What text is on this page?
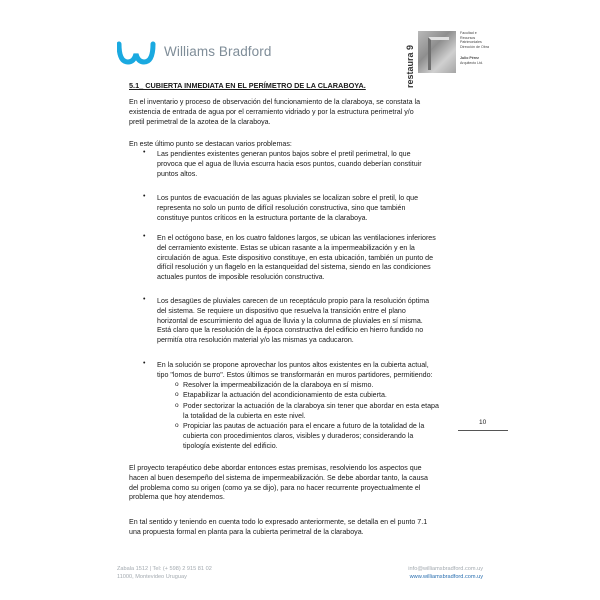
Williams Bradford	restaura 9
Facultad e
Recursos
Patrimoniales
Dirección de Obra
Julio Pérez
Arquitecto Ltd.
5.1_ CUBIERTA INMEDIATA EN EL PERÍMETRO DE LA CLARABOYA.
En el inventario y proceso de observación del funcionamiento de la claraboya, se constata la
existencia de entrada de agua por el cerramiento vidriado y por la estructura perimetral y/o
pretil perimetral de la azotea de la claraboya.
En este último punto se destacan varios problemas:
•	Las pendientes existentes generan puntos bajos sobre el pretil perimetral, lo que
provoca que el agua de lluvia escurra hacia esos puntos, cuando deberían constituir
puntos altos.
•	Los puntos de evacuación de las aguas pluviales se localizan sobre el pretil, lo que
representa no solo un punto de difícil resolución constructiva, sino que también
constituye puntos críticos en la estructura portante de la claraboya.
•	En el octógono base, en los cuatro faldones largos, se ubican las ventilaciones inferiores
del cerramiento existente. Estas se ubican rasante a la impermeabilización y en la
circulación de agua. Este dispositivo constituye, en esta ubicación, también un punto de
difícil resolución y un flagelo en la estanqueidad del sistema, siendo en las condiciones
actuales puntos de imposible resolución constructiva.
•	Los desagües de pluviales carecen de un receptáculo propio para la resolución óptima
del sistema. Se requiere un dispositivo que resuelva la transición entre el plano
horizontal de escurrimiento del agua de lluvia y la columna de pluviales en sí misma.
Está claro que la resolución de la época constructiva del edificio en hierro fundido no
permitía otra resolución material y/o las mismas ya caducaron.
•	En la solución se propone aprovechar los puntos altos existentes en la cubierta actual,
tipo "lomos de burro". Estos últimos se transformarán en muros partidores, permitiendo:
o Resolver la impermeabilización de la claraboya en sí mismo.
o Etapabilizar la actuación del acondicionamiento de esta cubierta.
o Poder sectorizar la actuación de la claraboya sin tener que abordar en esta etapa
la totalidad de la cubierta en este nivel.
o Propiciar las pautas de actuación para el encare a futuro de la totalidad de la
cubierta con procedimientos claros, visibles y duraderos; considerando la
tipología existente del edificio.
10
El proyecto terapéutico debe abordar entonces estas premisas, resolviendo los aspectos que
hacen al buen desempeño del sistema de impermeabilización. Se debe abordar tanto, la causa
del problema como su origen (como ya se dijo), para no hacer recurrente proyectualmente el
problema que hoy atendemos.
En tal sentido y teniendo en cuenta todo lo expresado anteriormente, se detalla en el punto 7.1
una propuesta formal en planta para la cubierta perimetral de la claraboya.
Zabala 1512 | Tel: (+ 598) 2 915 81 02
11000, Montevideo Uruguay
info@williamsbradford.com.uy
www.williamsbradford.com.uy
